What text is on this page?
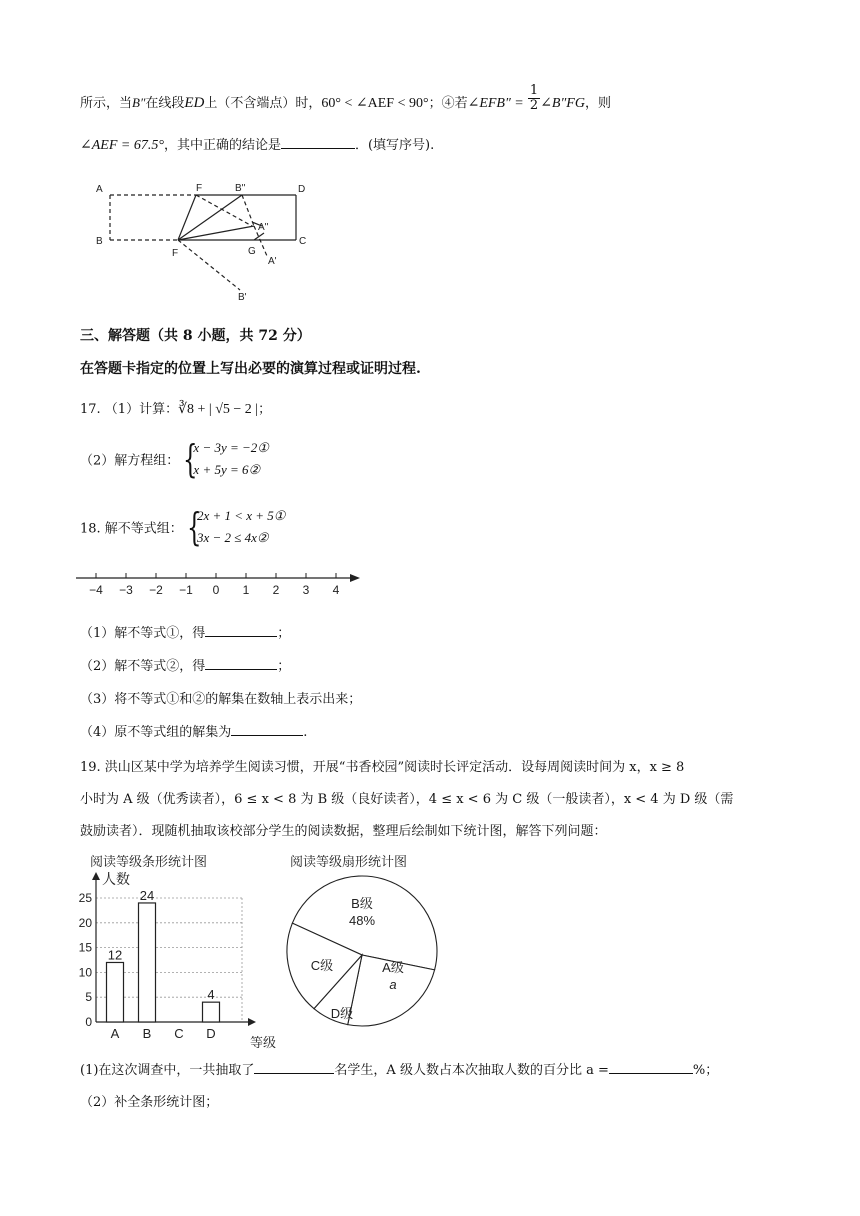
所示，当B″在线段ED上（不含端点）时，60° < ∠AEF < 90°；④若∠EFB″ = $\frac{1}{2}$ ∠B″FG，则
∠AEF = 67.5°，其中正确的结论是	．(填写序号).
A	F	B''	D
B	C
F	G
A''
A'
B'
三、解答题（共 8 小题，共 72 分）
在答题卡指定的位置上写出必要的演算过程或证明过程.
17. （1）计算：∛8 + | √5 − 2 |；
（2）解方程组： {
x − 3y = −2①
x + 5y = 6②
18. 解不等式组： {
2x + 1 < x + 5①
3x − 2 ≤ 4x②
−4 −3 −2 −1 0 1 2 3 4
（1）解不等式①，得	；
（2）解不等式②，得	；
（3）将不等式①和②的解集在数轴上表示出来；
（4）原不等式组的解集为	.
19. 洪山区某中学为培养学生阅读习惯，开展“书香校园”阅读时长评定活动．设每周阅读时间为 x，x ≥ 8
小时为 A 级（优秀读者），6 ≤ x < 8 为 B 级（良好读者），4 ≤ x < 6 为 C 级（一般读者），x < 4 为 D 级（需
鼓励读者）．现随机抽取该校部分学生的阅读数据，整理后绘制如下统计图，解答下列问题：
阅读等级条形统计图
0
5
10
15
20
25
人数
等级
12
A
24
B C
4
D
阅读等级扇形统计图
B级
48%
A级
a
D级
C级
(1)在这次调查中，一共抽取了	名学生，A 级人数占本次抽取人数的百分比 a =	%；
（2）补全条形统计图；
